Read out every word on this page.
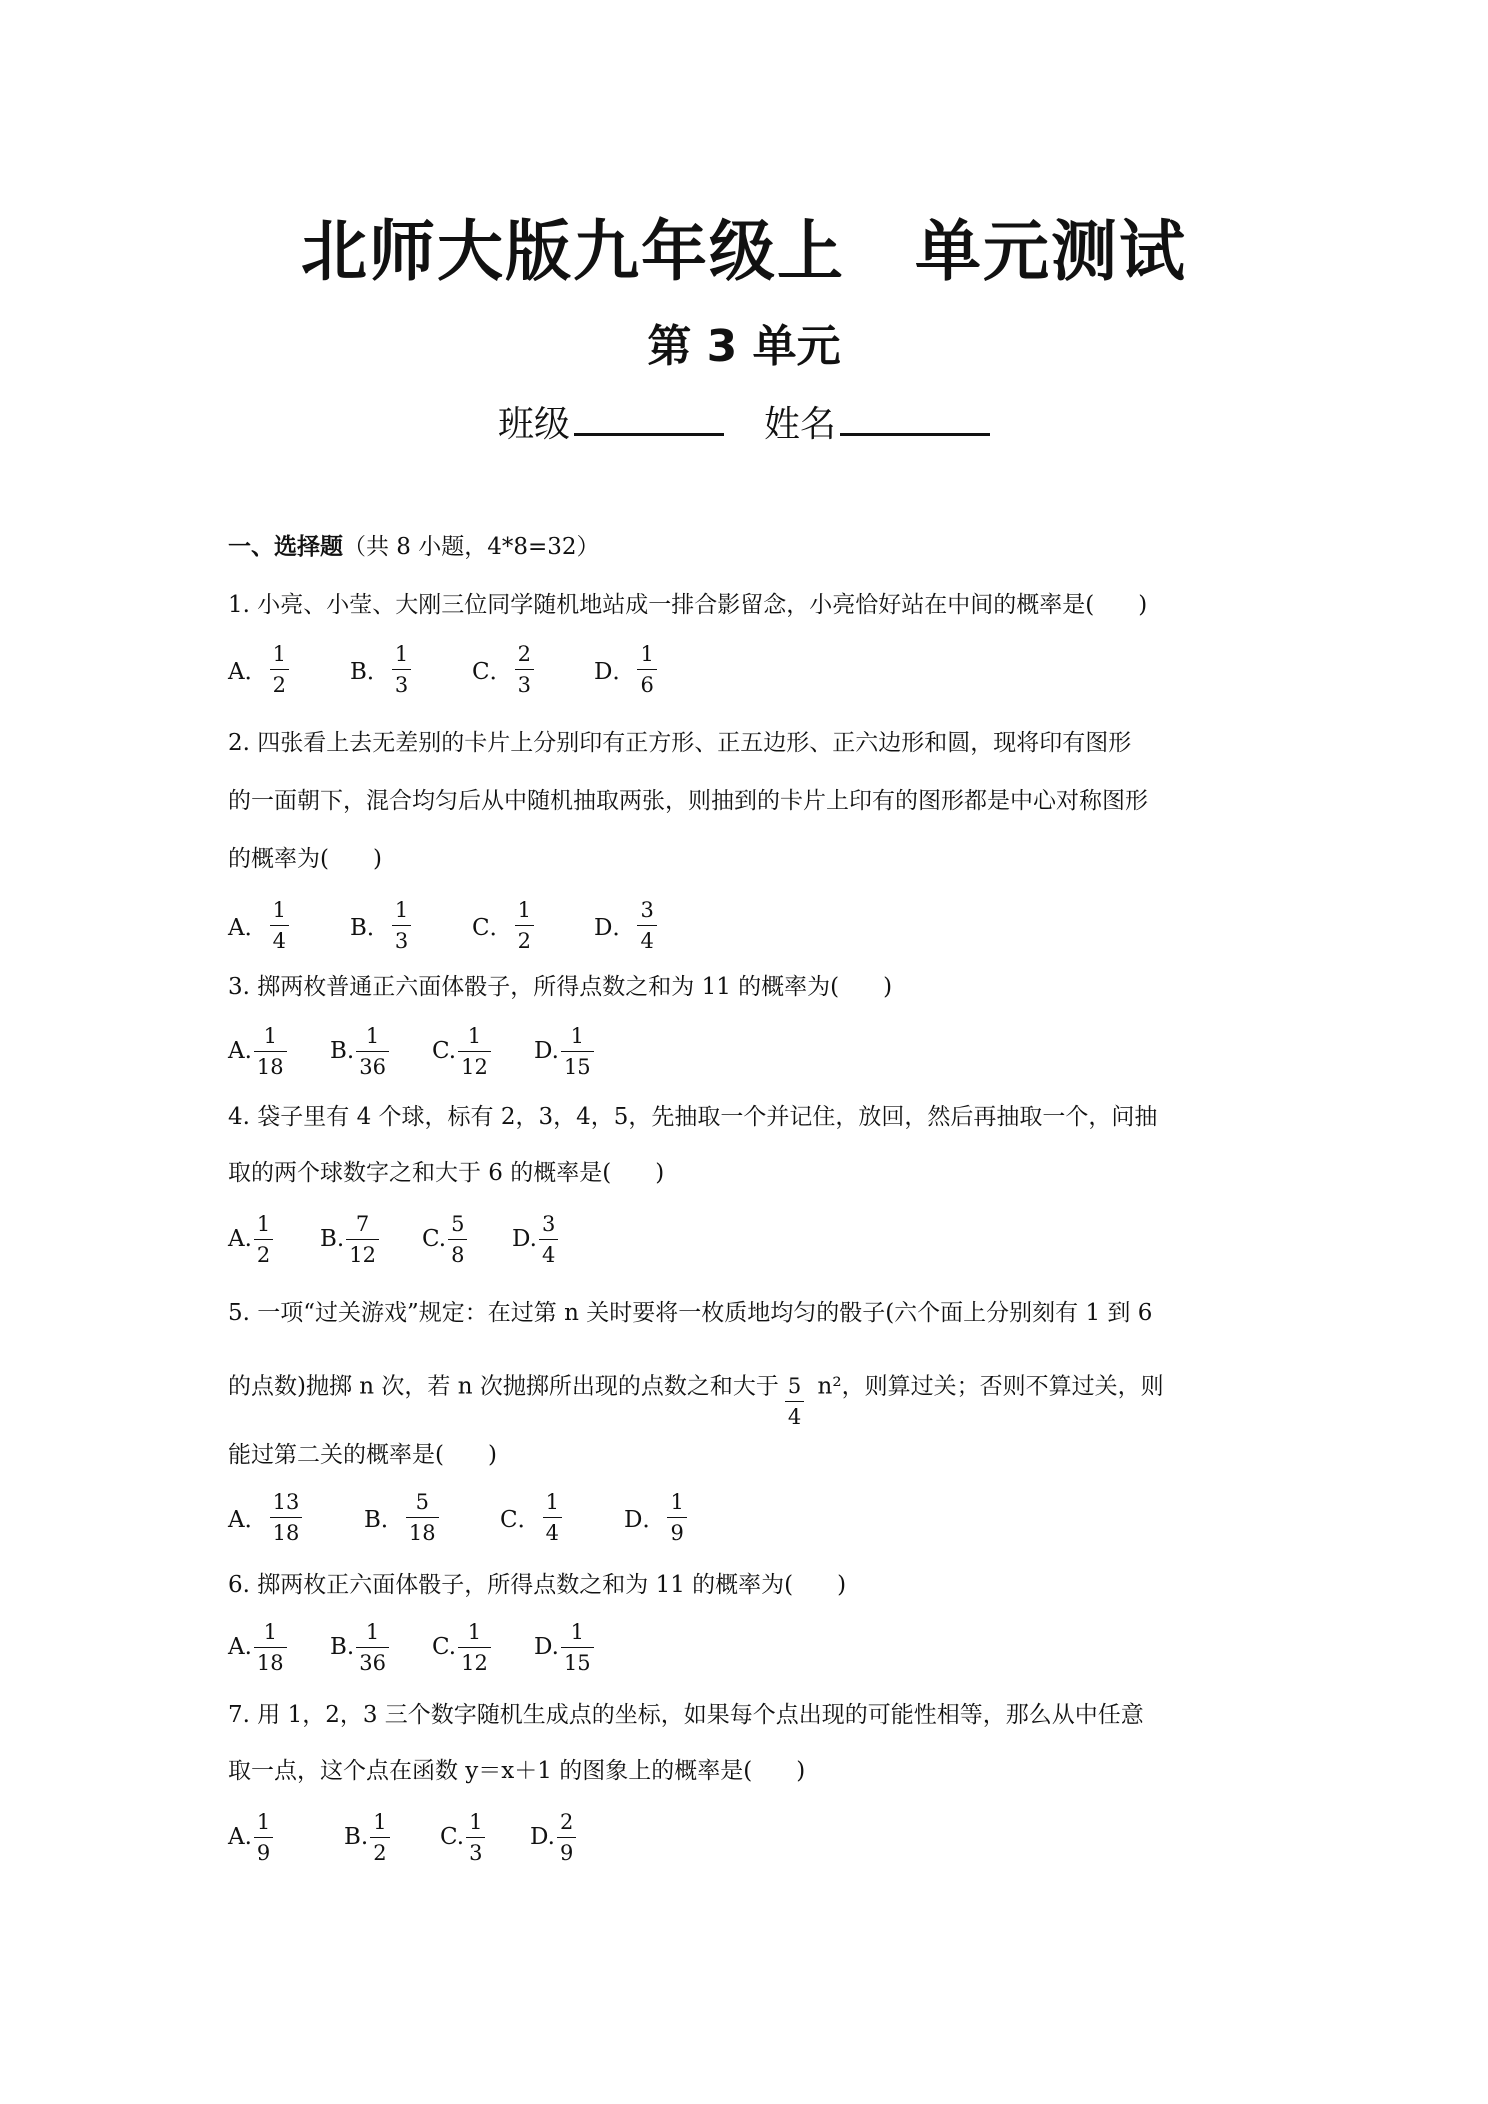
北师大版九年级上 单元测试
第 3 单元
班级	姓名
一、选择题（共 8 小题，4*8=32）
1. 小亮、小莹、大刚三位同学随机地站成一排合影留念，小亮恰好站在中间的概率是( )
A． $\frac{1}{2}$	B． $\frac{1}{3}$	C． $\frac{2}{3}$	D． $\frac{1}{6}$
2. 四张看上去无差别的卡片上分别印有正方形、正五边形、正六边形和圆，现将印有图形
的一面朝下，混合均匀后从中随机抽取两张，则抽到的卡片上印有的图形都是中心对称图形
的概率为( )
A． $\frac{1}{4}$	B． $\frac{1}{3}$	C． $\frac{1}{2}$	D． $\frac{3}{4}$
3. 掷两枚普通正六面体骰子，所得点数之和为 11 的概率为( )
A. $\frac{1}{18} B$. $\frac{1}{36} C$. $\frac{1}{12} D$. $\frac{1}{15}$
4. 袋子里有 4 个球，标有 2，3，4，5，先抽取一个并记住，放回，然后再抽取一个，问抽
取的两个球数字之和大于 6 的概率是( )
A. $\frac{1}{2} B$. $\frac{7}{12} C$. $\frac{5}{8} D$. $\frac{3}{4}$
5. 一项“过关游戏”规定：在过第 n 关时要将一枚质地均匀的骰子(六个面上分别刻有 1 到 6
的点数)抛掷 n 次，若 n 次抛掷所出现的点数之和大于 $\frac{5}{4} n^2$，则算过关；否则不算过关，则
能过第二关的概率是( )
A． $\frac{13}{18}$	B． $\frac{5}{18}$	C． $\frac{1}{4}$	D． $\frac{1}{9}$
6. 掷两枚正六面体骰子，所得点数之和为 11 的概率为( )
A. $\frac{1}{18} B$. $\frac{1}{36} C$. $\frac{1}{12} D$. $\frac{1}{15}$
7. 用 1，2，3 三个数字随机生成点的坐标，如果每个点出现的可能性相等，那么从中任意
取一点，这个点在函数 y＝x＋1 的图象上的概率是( )
A. $\frac{1}{9}$	B. $\frac{1}{2} C$. $\frac{1}{3} D$. $\frac{2}{9}$
